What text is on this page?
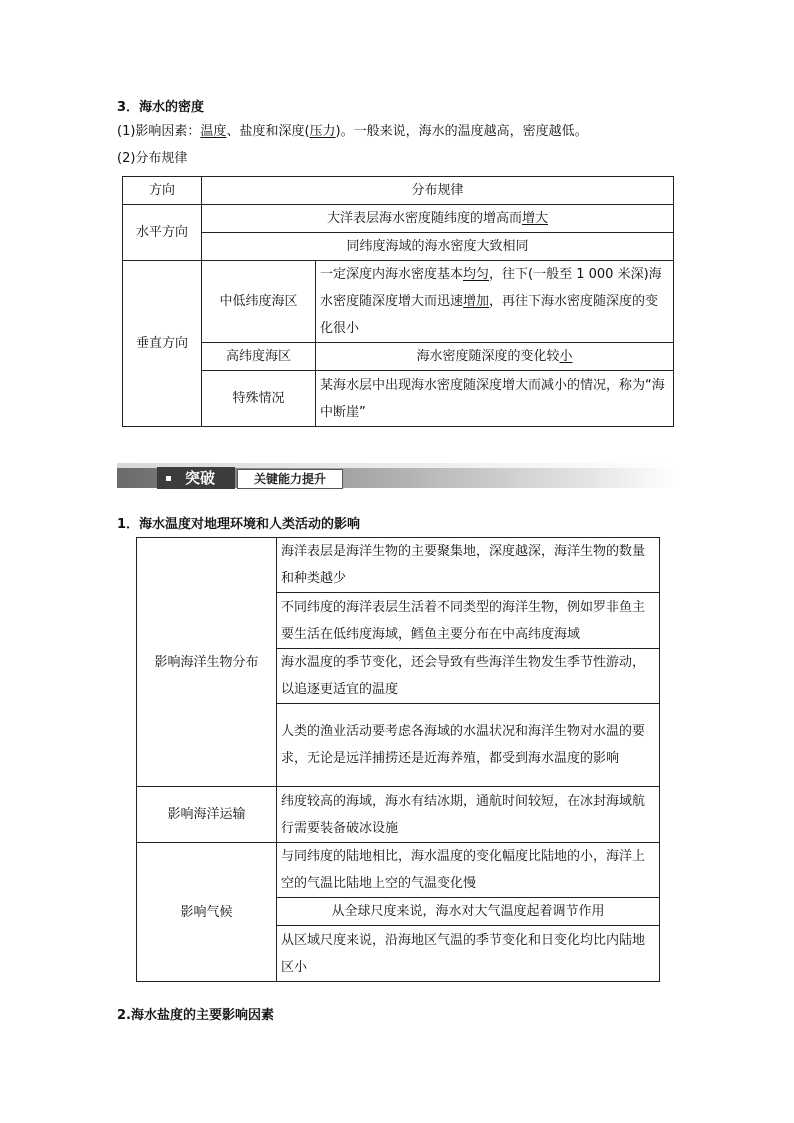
3．海水的密度
(1)影响因素：温度、盐度和深度(压力)。一般来说，海水的温度越高，密度越低。
(2)分布规律
方向	分布规律	
水平方向	大洋表层海水密度随纬度的增高而增大	
	同纬度海域的海水密度大致相同	
垂直方向	中低纬度海区	一定深度内海水密度基本均匀，往下(一般至 1 000 米深)海水密度随深度增大而迅速增加，再往下海水密度随深度的变化很小
	高纬度海区	海水密度随深度的变化较小
	特殊情况	某海水层中出现海水密度随深度增大而减小的情况，称为“海中断崖”
突破	关键能力提升
1．海水温度对地理环境和人类活动的影响
影响海洋生物分布	海洋表层是海洋生物的主要聚集地，深度越深，海洋生物的数量和种类越少
	不同纬度的海洋表层生活着不同类型的海洋生物，例如罗非鱼主要生活在低纬度海域，鳕鱼主要分布在中高纬度海域
	海水温度的季节变化，还会导致有些海洋生物发生季节性游动，以追逐更适宜的温度
	人类的渔业活动要考虑各海域的水温状况和海洋生物对水温的要求，无论是远洋捕捞还是近海养殖，都受到海水温度的影响
影响海洋运输	纬度较高的海域，海水有结冰期，通航时间较短，在冰封海域航行需要装备破冰设施
影响气候	与同纬度的陆地相比，海水温度的变化幅度比陆地的小，海洋上空的气温比陆地上空的气温变化慢
	从全球尺度来说，海水对大气温度起着调节作用
	从区域尺度来说，沿海地区气温的季节变化和日变化均比内陆地区小
2.海水盐度的主要影响因素
